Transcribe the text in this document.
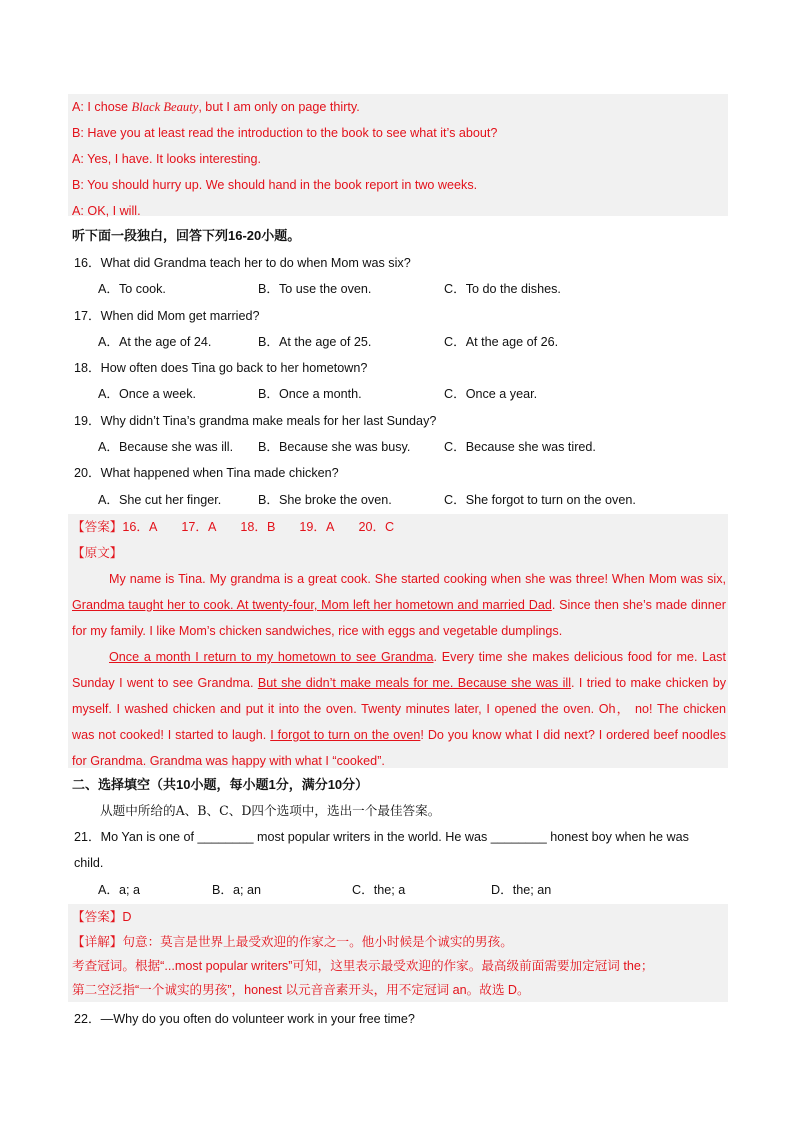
A: I chose Black Beauty, but I am only on page thirty.
B: Have you at least read the introduction to the book to see what it’s about?
A: Yes, I have. It looks interesting.
B: You should hurry up. We should hand in the book report in two weeks.
A: OK, I will.
听下面一段独白，回答下列16-20小题。
16．What did Grandma teach her to do when Mom was six?
A．To cook.	B．To use the oven.	C．To do the dishes.
17．When did Mom get married?
A．At the age of 24.	B．At the age of 25.	C．At the age of 26.
18．How often does Tina go back to her hometown?
A．Once a week.	B．Once a month.	C．Once a year.
19．Why didn’t Tina’s grandma make meals for her last Sunday?
A．Because she was ill. B．Because she was busy.	C．Because she was tired.
20．What happened when Tina made chicken?
A．She cut her finger.	B．She broke the oven.	C．She forgot to turn on the oven.
【答案】16．A 17．A 18．B 19．A 20．C
【原文】
My name is Tina. My grandma is a great cook. She started cooking when she was three! When Mom was six, Grandma taught her to cook. At twenty-four, Mom left her hometown and married Dad. Since then she’s made dinner for my family. I like Mom’s chicken sandwiches, rice with eggs and vegetable dumplings.
Once a month I return to my hometown to see Grandma. Every time she makes delicious food for me. Last Sunday I went to see Grandma. But she didn’t make meals for me. Because she was ill. I tried to make chicken by myself. I washed chicken and put it into the oven. Twenty minutes later, I opened the oven. Oh， no! The chicken was not cooked! I started to laugh. I forgot to turn on the oven! Do you know what I did next? I ordered beef noodles for Grandma. Grandma was happy with what I “cooked”.
二、选择填空（共10小题，每小题1分，满分10分）
从题中所给的A、B、C、D四个选项中，选出一个最佳答案。
21．Mo Yan is one of ________ most popular writers in the world. He was ________ honest boy when he was
child.
A．a; a	B．a; an	C．the; a	D．the; an
【答案】D
【详解】句意：莫言是世界上最受欢迎的作家之一。他小时候是个诚实的男孩。
考查冠词。根据“...most popular writers”可知，这里表示最受欢迎的作家。最高级前面需要加定冠词 the；
第二空泛指“一个诚实的男孩”，honest 以元音音素开头，用不定冠词 an。故选 D。
22．—Why do you often do volunteer work in your free time?
